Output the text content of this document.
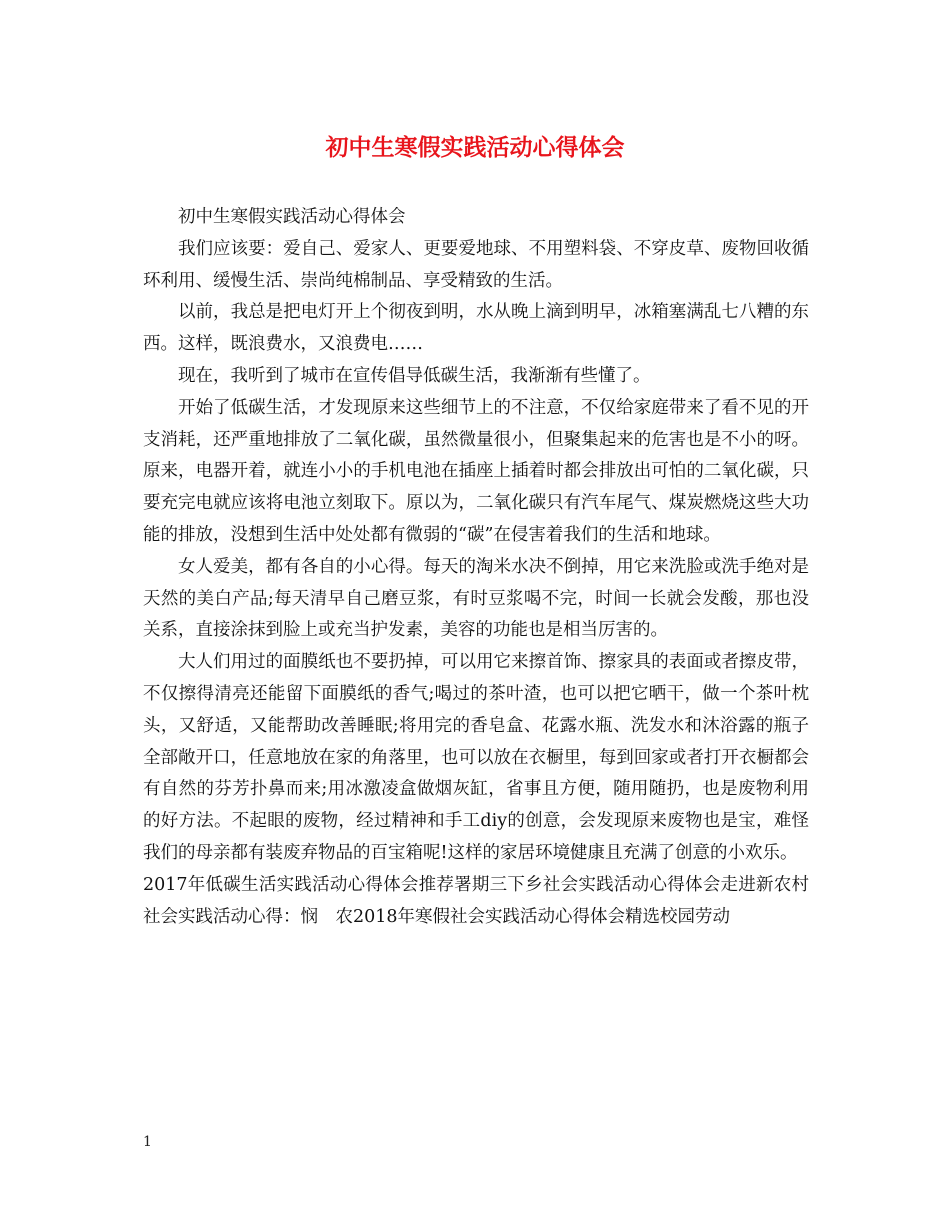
初中生寒假实践活动心得体会

初中生寒假实践活动心得体会

我们应该要：爱自己、爱家人、更要爱地球、不用塑料袋、不穿皮草、废物回收循环利用、缓慢生活、崇尚纯棉制品、享受精致的生活。

以前，我总是把电灯开上个彻夜到明，水从晚上滴到明早，冰箱塞满乱七八糟的东西。这样，既浪费水，又浪费电……

现在，我听到了城市在宣传倡导低碳生活，我渐渐有些懂了。

开始了低碳生活，才发现原来这些细节上的不注意，不仅给家庭带来了看不见的开支消耗，还严重地排放了二氧化碳，虽然微量很小，但聚集起来的危害也是不小的呀。原来，电器开着，就连小小的手机电池在插座上插着时都会排放出可怕的二氧化碳，只要充完电就应该将电池立刻取下。原以为，二氧化碳只有汽车尾气、煤炭燃烧这些大功能的排放，没想到生活中处处都有微弱的“碳”在侵害着我们的生活和地球。

女人爱美，都有各自的小心得。每天的淘米水决不倒掉，用它来洗脸或洗手绝对是天然的美白产品;每天清早自己磨豆浆，有时豆浆喝不完，时间一长就会发酸，那也没关系，直接涂抹到脸上或充当护发素，美容的功能也是相当厉害的。

大人们用过的面膜纸也不要扔掉，可以用它来擦首饰、擦家具的表面或者擦皮带，不仅擦得清亮还能留下面膜纸的香气;喝过的茶叶渣，也可以把它晒干，做一个茶叶枕头，又舒适，又能帮助改善睡眠;将用完的香皂盒、花露水瓶、洗发水和沐浴露的瓶子全部敞开口，任意地放在家的角落里，也可以放在衣橱里，每到回家或者打开衣橱都会有自然的芬芳扑鼻而来;用冰激凌盒做烟灰缸，省事且方便，随用随扔，也是废物利用的好方法。不起眼的废物，经过精神和手工diy的创意，会发现原来废物也是宝，难怪我们的母亲都有装废弃物品的百宝箱呢!这样的家居环境健康且充满了创意的小欢乐。

2017年低碳生活实践活动心得体会推荐署期三下乡社会实践活动心得体会走进新农村社会实践活动心得：悯　农2018年寒假社会实践活动心得体会精选校园劳动

1
